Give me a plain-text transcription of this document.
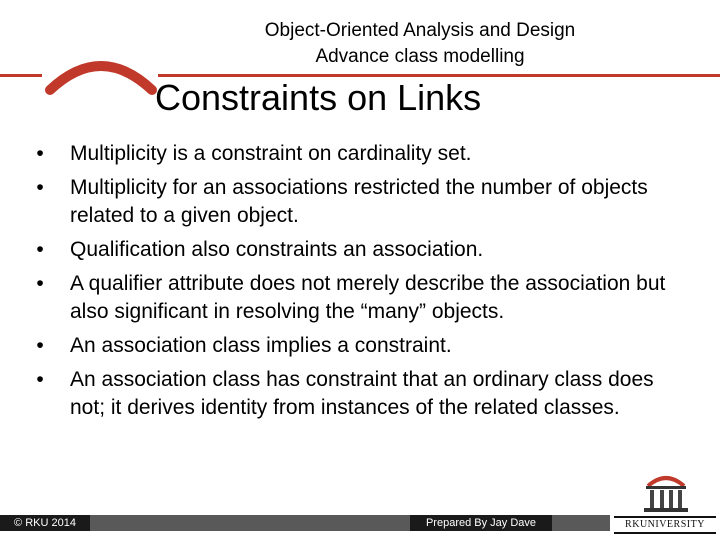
Object-Oriented Analysis and Design
Advance class modelling
Constraints on Links
•	Multiplicity is a constraint on cardinality set.
•	Multiplicity for an associations restricted the number of objects related to a given object.
•	Qualification also constraints an association.
•	A qualifier attribute does not merely describe the association but also significant in resolving the “many” objects.
•	An association class implies a constraint.
•	An association class has constraint that an ordinary class does not; it derives identity from instances of the related classes.
© RKU 2014	Prepared By Jay Dave	RKUNIVERSITY
